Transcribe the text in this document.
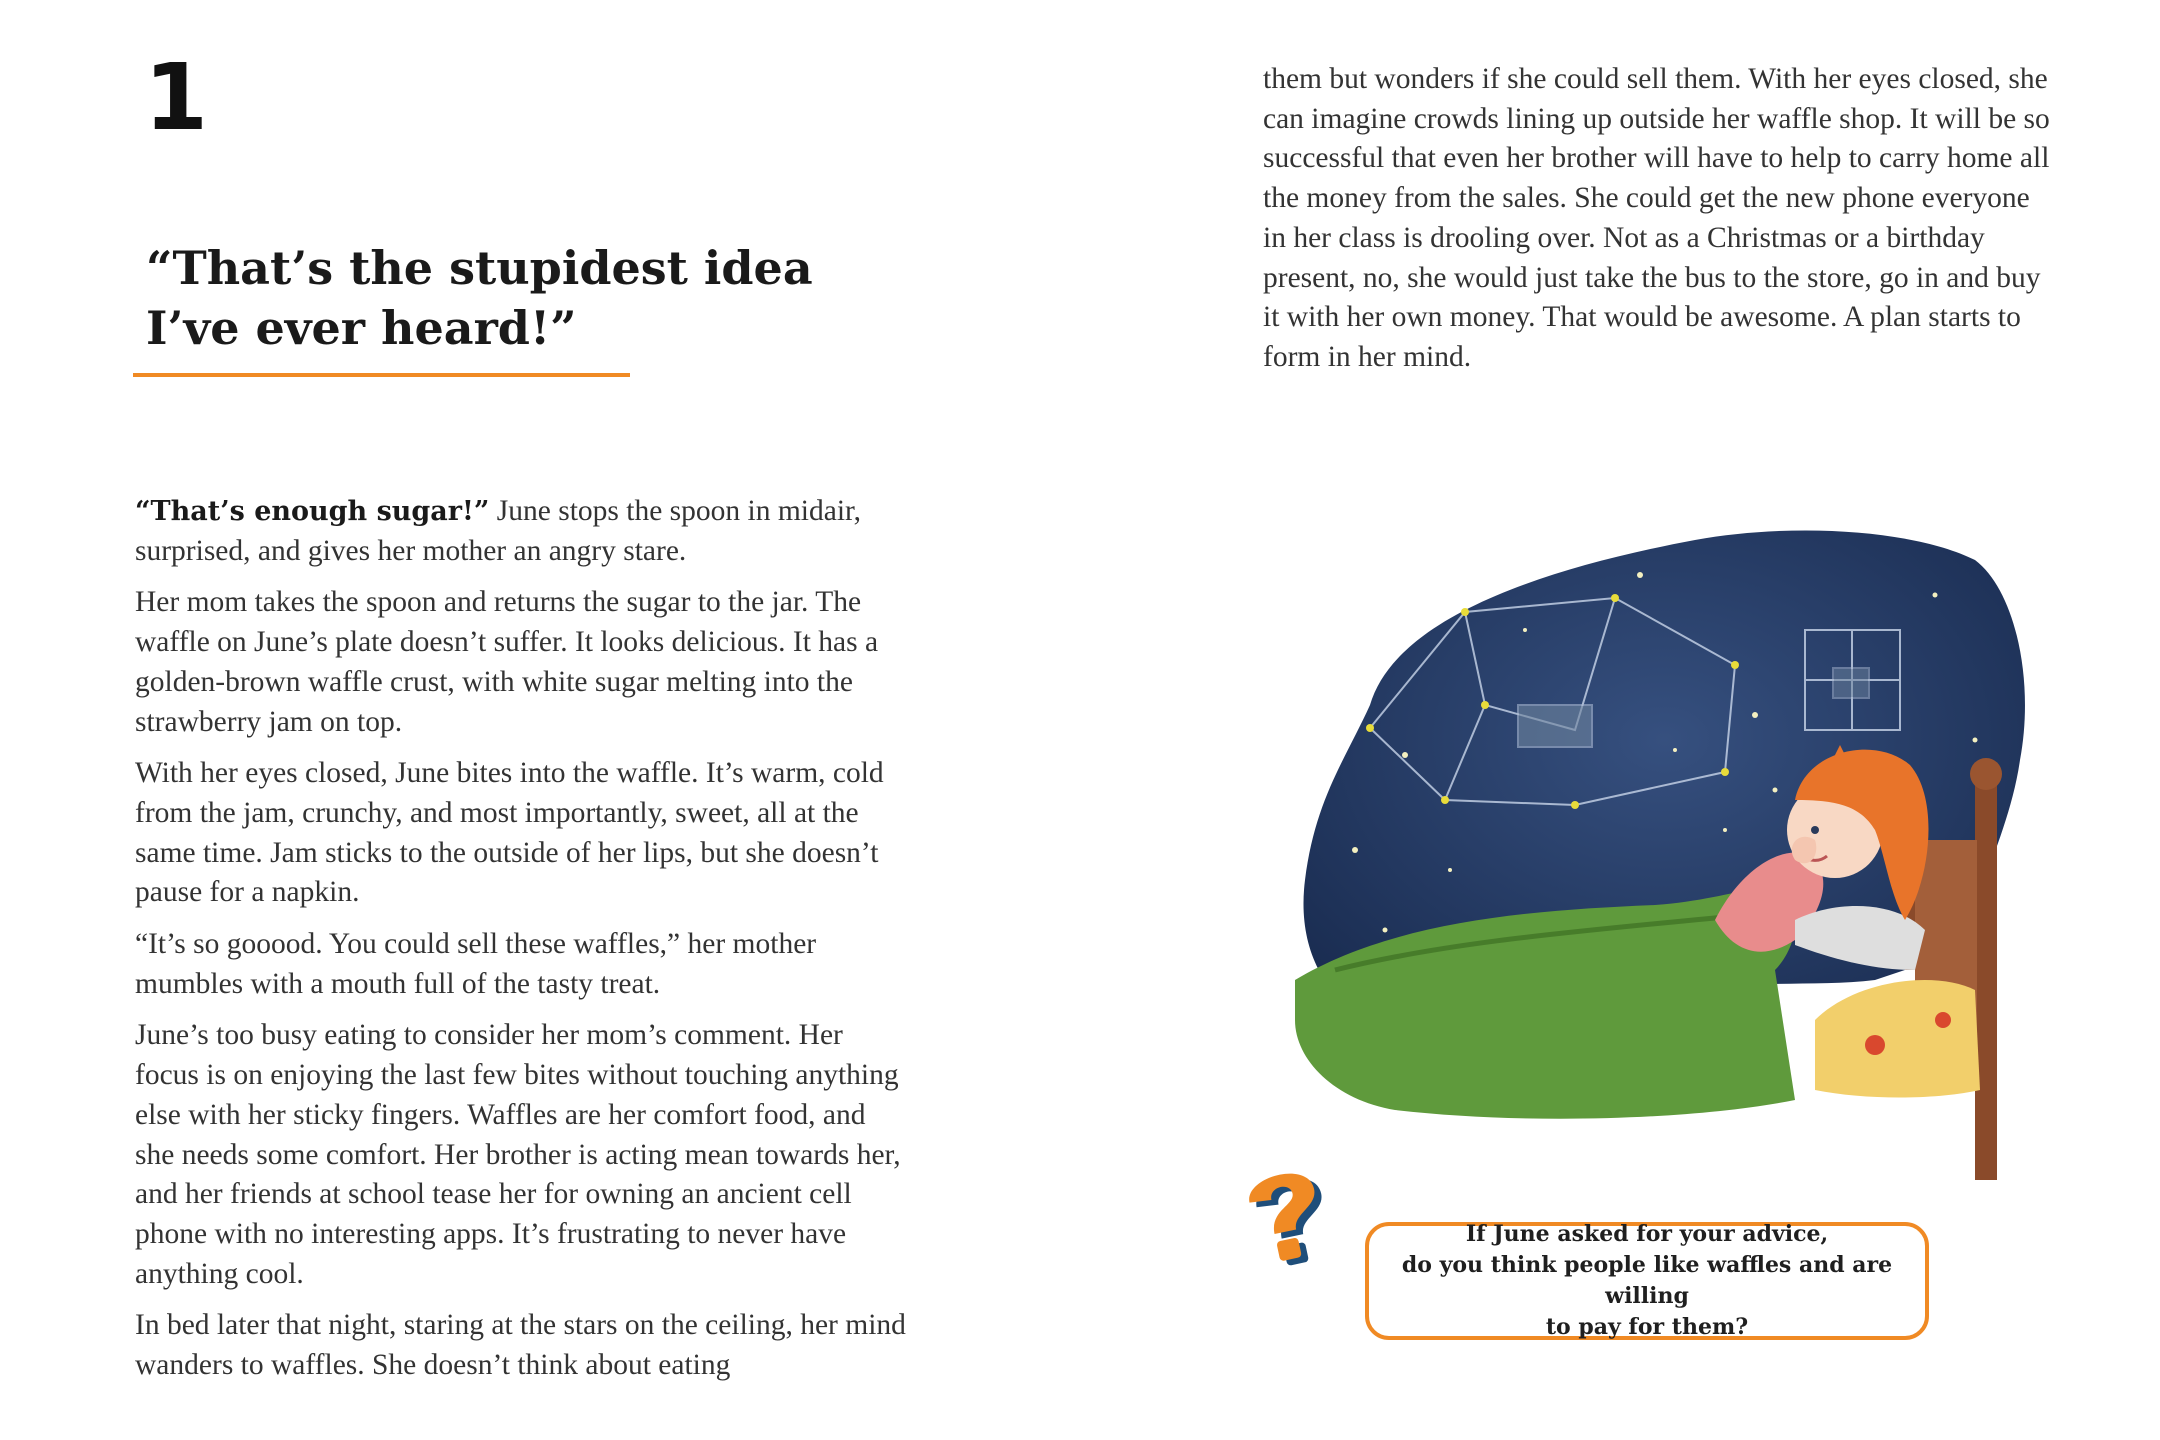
1
“That’s the stupidest idea
I’ve ever heard!”

“That’s enough sugar!” June stops the spoon in midair, surprised, and gives her mother an angry stare.

Her mom takes the spoon and returns the sugar to the jar. The waffle on June’s plate doesn’t suffer. It looks delicious. It has a golden-brown waffle crust, with white sugar melting into the strawberry jam on top.

With her eyes closed, June bites into the waffle. It’s warm, cold from the jam, crunchy, and most importantly, sweet, all at the same time. Jam sticks to the outside of her lips, but she doesn’t pause for a napkin.

“It’s so gooood. You could sell these waffles,” her mother mumbles with a mouth full of the tasty treat.

June’s too busy eating to consider her mom’s comment. Her focus is on enjoying the last few bites without touching anything else with her sticky fingers. Waffles are her comfort food, and she needs some comfort. Her brother is acting mean towards her, and her friends at school tease her for owning an ancient cell phone with no interesting apps. It’s frustrating to never have anything cool.

In bed later that night, staring at the stars on the ceiling, her mind wanders to waffles. She doesn’t think about eating

them but wonders if she could sell them. With her eyes closed, she can imagine crowds lining up outside her waffle shop. It will be so successful that even her brother will have to help to carry home all the money from the sales. She could get the new phone everyone in her class is drooling over. Not as a Christmas or a birthday present, no, she would just take the bus to the store, go in and buy it with her own money. That would be awesome. A plan starts to form in her mind.

If June asked for your advice,
do you think people like waffles and are willing
to pay for them?
